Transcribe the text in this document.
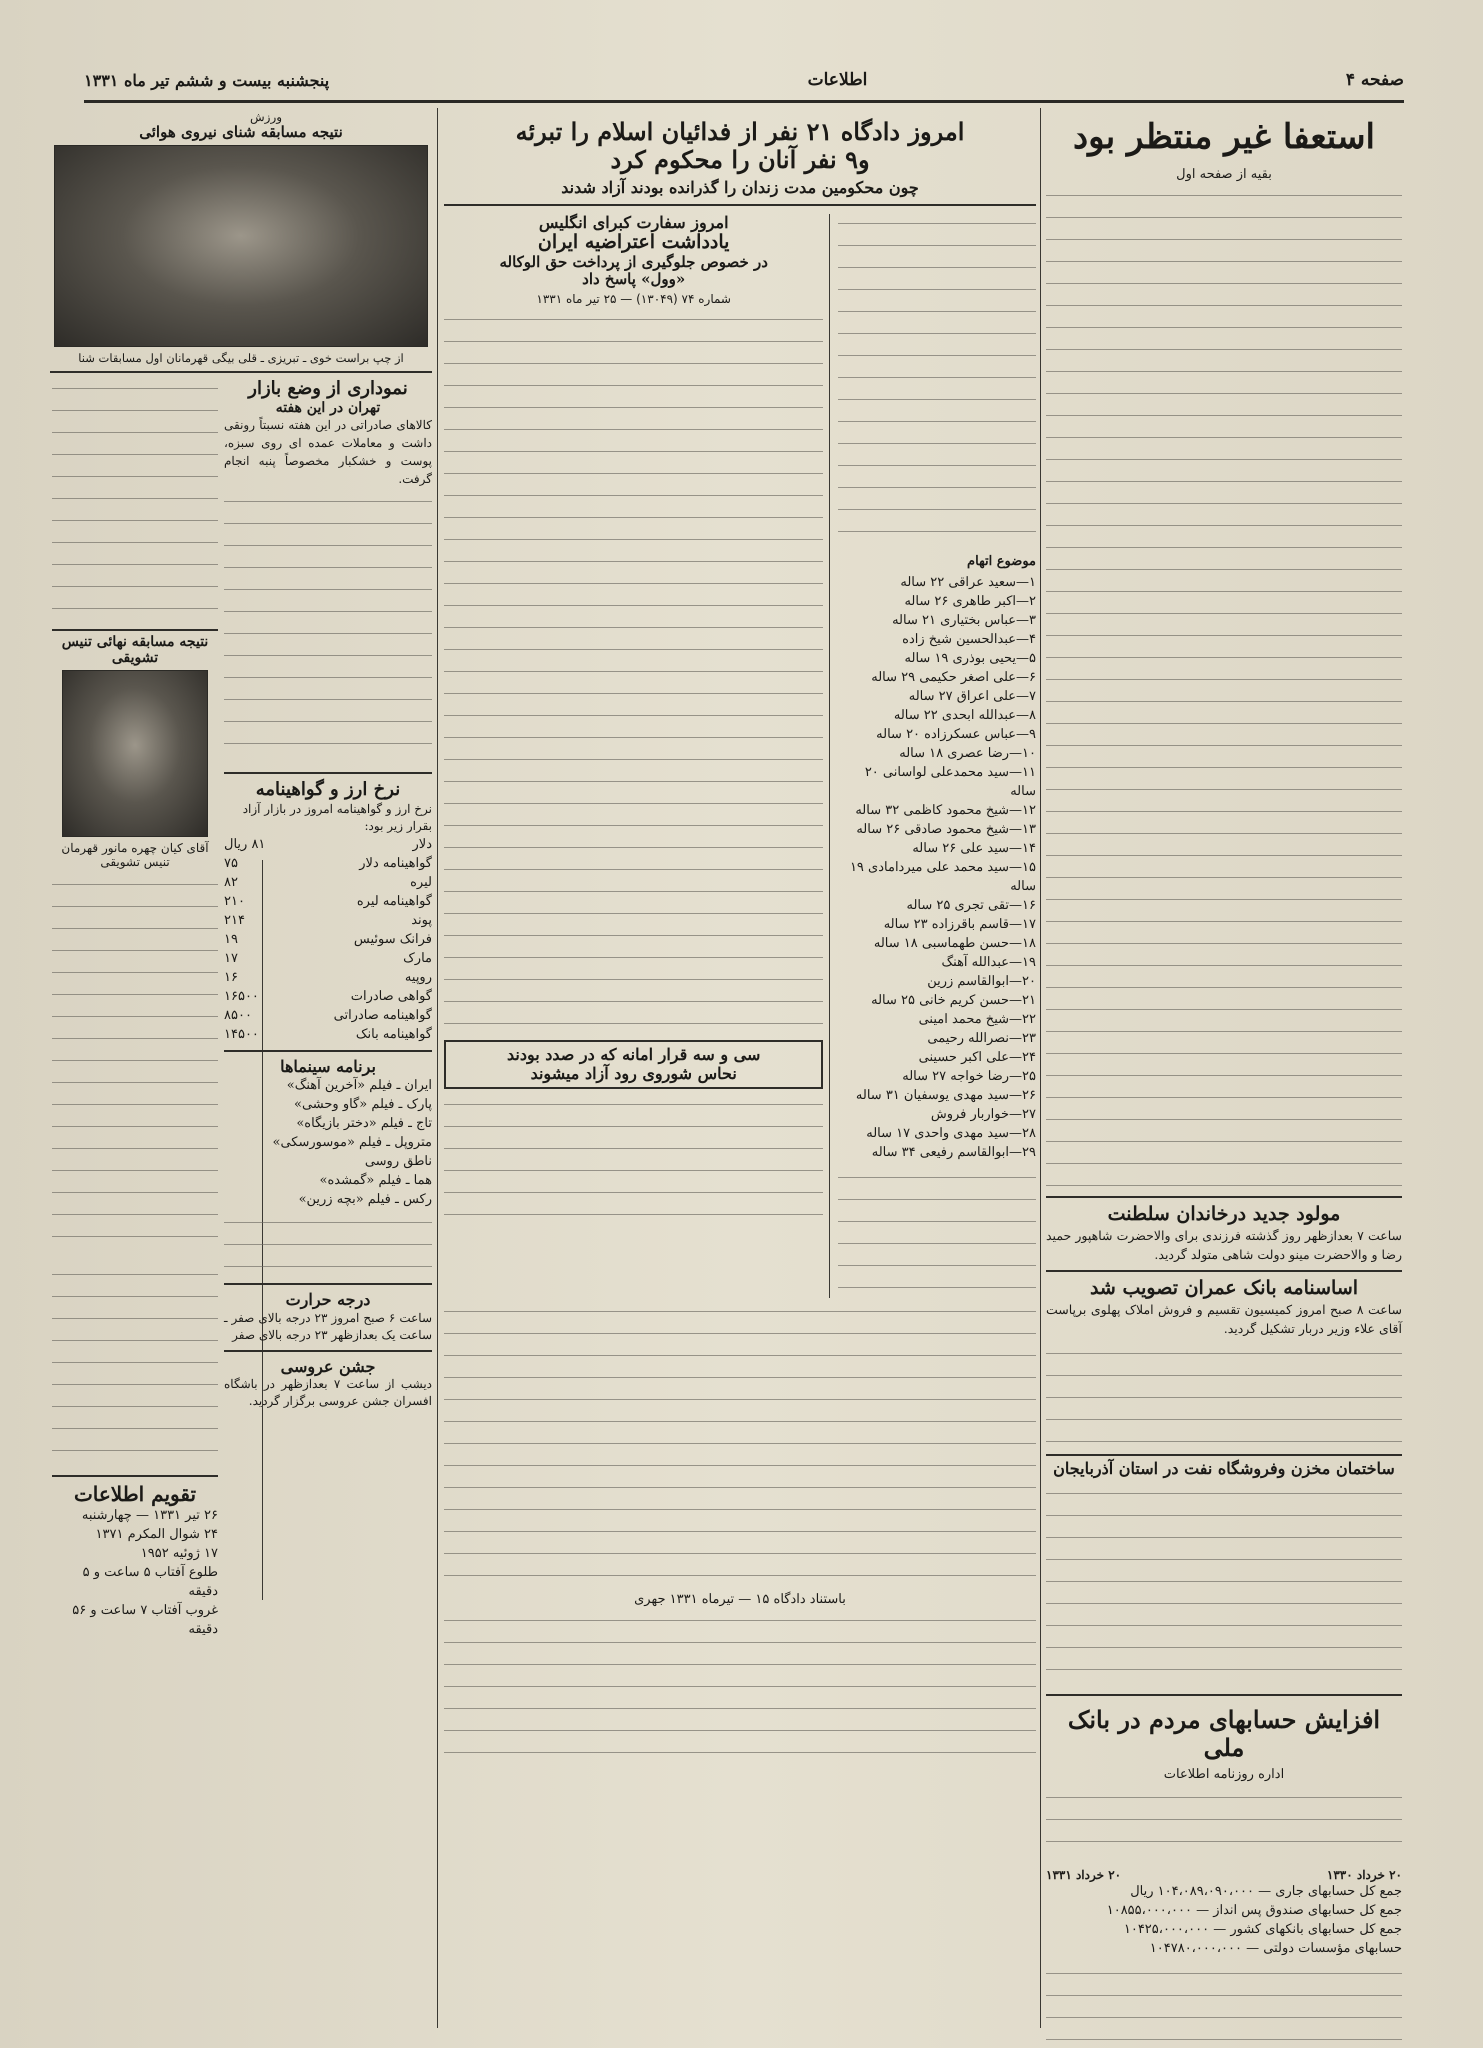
صفحه ۴
اطلاعات
پنجشنبه بیست و ششم تیر ماه ۱۳۳۱
استعفا غیر منتظر بود
بقیه از صفحه اول
مولود جدید درخاندان سلطنت
ساعت ۷ بعدازظهر روز گذشته فرزندی برای والاحضرت شاهپور حمید رضا و والاحضرت مینو دولت شاهی متولد گردید.
اساسنامه بانک عمران تصویب شد
ساعت ۸ صبح امروز کمیسیون تقسیم و فروش املاک پهلوی برپاست آقای علاء وزیر دربار تشکیل گردید.
ساختمان مخزن وفروشگاه نفت در استان آذربایجان
افزایش حسابهای مردم در بانک ملی
اداره روزنامه اطلاعات
۲۰ خرداد ۱۳۳۰
۲۰ خرداد ۱۳۳۱
جمع کل حسابهای جاری — ۱۰۴،۰۸۹،۰۹۰،۰۰۰ ریال
جمع کل حسابهای صندوق پس انداز — ۱۰۸۵۵،۰۰۰،۰۰۰
جمع کل حسابهای بانکهای کشور — ۱۰۴۲۵،۰۰۰،۰۰۰
حسابهای مؤسسات دولتی — ۱۰۴۷۸۰،۰۰۰،۰۰۰
امروز دادگاه ۲۱ نفر از فدائیان اسلام را تبرئه
و۹ نفر آنان را محکوم کرد
چون محکومین مدت زندان را گذرانده بودند آزاد شدند
موضوع اتهام
۱—سعید عراقی ۲۲ ساله
۲—اکبر طاهری ۲۶ ساله
۳—عباس بختیاری ۲۱ ساله
۴—عبدالحسین شیخ زاده
۵—یحیی بوذری ۱۹ ساله
۶—علی اصغر حکیمی ۲۹ ساله
۷—علی اعراق ۲۷ ساله
۸—عبدالله ابحدی ۲۲ ساله
۹—عباس عسکرزاده ۲۰ ساله
۱۰—رضا عصری ۱۸ ساله
۱۱—سید محمدعلی لواسانی ۲۰ ساله
۱۲—شیخ محمود کاظمی ۳۲ ساله
۱۳—شیخ محمود صادقی ۲۶ ساله
۱۴—سید علی ۲۶ ساله
۱۵—سید محمد علی میردامادی ۱۹ ساله
۱۶—تقی تجری ۲۵ ساله
۱۷—قاسم باقرزاده ۲۳ ساله
۱۸—حسن طهماسبی ۱۸ ساله
۱۹—عبدالله آهنگ
۲۰—ابوالقاسم زرین
۲۱—حسن کریم خانی ۲۵ ساله
۲۲—شیخ محمد امینی
۲۳—نصرالله رحیمی
۲۴—علی اکبر حسینی
۲۵—رضا خواجه ۲۷ ساله
۲۶—سید مهدی یوسفیان ۳۱ ساله
۲۷—خواربار فروش
۲۸—سید مهدی واحدی ۱۷ ساله
۲۹—ابوالقاسم رفیعی ۳۴ ساله
امروز سفارت کبرای انگلیس
یادداشت اعتراضیه ایران
در خصوص جلوگیری از پرداخت حق الوکاله
«وول» پاسخ داد
شماره ۷۴ (۱۳۰۴۹) — ۲۵ تیر ماه ۱۳۳۱
سی و سه قرار امانه که در صدد بودند
نحاس شوروی رود آزاد میشوند
باستناد دادگاه ۱۵ — تیرماه ۱۳۳۱ جهری
ورزش
نتیجه مسابقه شنای نیروی هوائی
از چپ براست خوی ـ تبریزی ـ قلی بیگی قهرمانان اول مسابقات شنا
نموداری از وضع بازار
تهران در این هفته
کالاهای صادراتی در این هفته نسبتاً رونقی داشت و معاملات عمده ای روی سبزه، پوست و خشکبار مخصوصاً پنبه انجام گرفت.
نرخ ارز و گواهینامه
نرخ ارز و گواهینامه امروز در بازار آزاد بقرار زیر بود:
دلار
۸۱ ریال
گواهینامه دلار
۷۵
لیره
۸۲
گواهینامه لیره
۲۱۰
پوند
۲۱۴
فرانک سوئیس
۱۹
مارک
۱۷
روپیه
۱۶
گواهی صادرات
۱۶۵۰۰
گواهینامه صادراتی
۸۵۰۰
گواهینامه بانک
۱۴۵۰۰
برنامه سینماها
ایران ـ فیلم «آخرین آهنگ»
پارک ـ فیلم «گاو وحشی»
تاج ـ فیلم «دختر بازیگاه»
متروپل ـ فیلم «موسورسکی»
ناطق روسی
هما ـ فیلم «گمشده»
رکس ـ فیلم «بچه زرین»
درجه حرارت
ساعت ۶ صبح امروز ۲۳ درجه بالای صفر ـ ساعت یک بعدازظهر ۲۳ درجه بالای صفر
جشن عروسی
دیشب از ساعت ۷ بعدازظهر در باشگاه افسران جشن عروسی برگزار گردید.
نتیجه مسابقه نهائی تنیس تشویقی
آقای کیان چهره مانور قهرمان تنیس تشویقی
تقویم اطلاعات
۲۶ تیر ۱۳۳۱ — چهارشنبه
۲۴ شوال المکرم ۱۳۷۱
۱۷ ژوئیه ۱۹۵۲
طلوع آفتاب ۵ ساعت و ۵ دقیقه
غروب آفتاب ۷ ساعت و ۵۶ دقیقه
